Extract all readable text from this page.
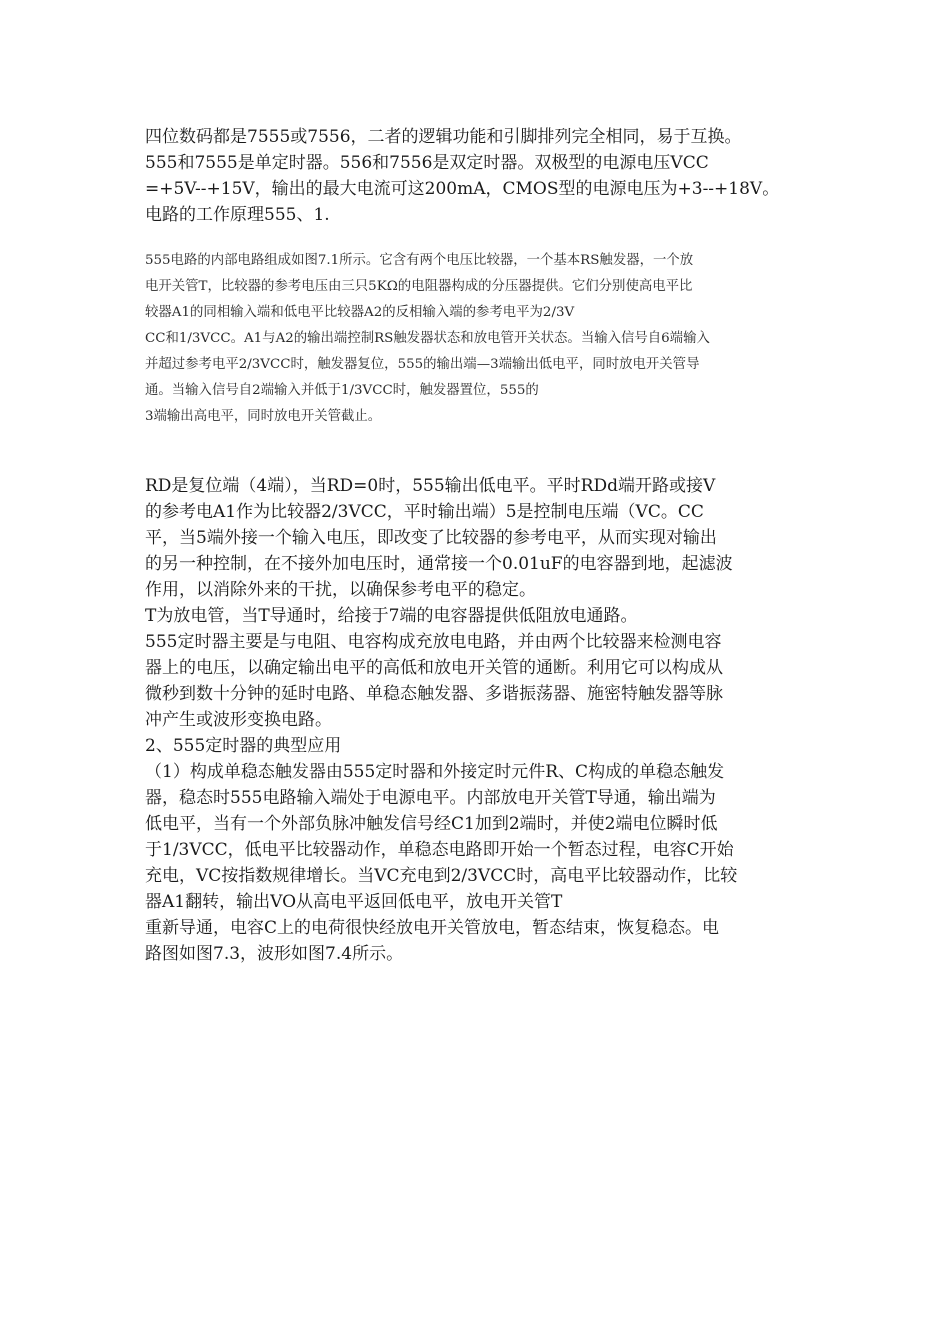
四位数码都是7555或7556，二者的逻辑功能和引脚排列完全相同，易于互换。
555和7555是单定时器。556和7556是双定时器。双极型的电源电压VCC
=+5V--+15V，输出的最大电流可这200mA，CMOS型的电源电压为+3--+18V。
电路的工作原理555、1.
555电路的内部电路组成如图7.1所示。它含有两个电压比较器，一个基本RS触发器，一个放
电开关管T，比较器的参考电压由三只5KΩ的电阻器构成的分压器提供。它们分别使高电平比
较器A1的同相输入端和低电平比较器A2的反相输入端的参考电平为2/3V
CC和1/3VCC。A1与A2的输出端控制RS触发器状态和放电管开关状态。当输入信号自6端输入
并超过参考电平2/3VCC时，触发器复位，555的输出端—3端输出低电平，同时放电开关管导
通。当输入信号自2端输入并低于1/3VCC时，触发器置位，555的
3端输出高电平，同时放电开关管截止。
RD是复位端（4端），当RD=0时，555输出低电平。平时RDd端开路或接V
的参考电A1作为比较器2/3VCC，平时输出端）5是控制电压端（VC。CC
平，当5端外接一个输入电压，即改变了比较器的参考电平，从而实现对输出
的另一种控制，在不接外加电压时，通常接一个0.01uF的电容器到地，起滤波
作用，以消除外来的干扰，以确保参考电平的稳定。
T为放电管，当T导通时，给接于7端的电容器提供低阻放电通路。
555定时器主要是与电阻、电容构成充放电电路，并由两个比较器来检测电容
器上的电压，以确定输出电平的高低和放电开关管的通断。利用它可以构成从
微秒到数十分钟的延时电路、单稳态触发器、多谐振荡器、施密特触发器等脉
冲产生或波形变换电路。
2、555定时器的典型应用
（1）构成单稳态触发器由555定时器和外接定时元件R、C构成的单稳态触发
器，稳态时555电路输入端处于电源电平。内部放电开关管T导通，输出端为
低电平，当有一个外部负脉冲触发信号经C1加到2端时，并使2端电位瞬时低
于1/3VCC，低电平比较器动作，单稳态电路即开始一个暂态过程，电容C开始
充电，VC按指数规律增长。当VC充电到2/3VCC时，高电平比较器动作，比较
器A1翻转，输出VO从高电平返回低电平，放电开关管T
重新导通，电容C上的电荷很快经放电开关管放电，暂态结束，恢复稳态。电
路图如图7.3，波形如图7.4所示。
